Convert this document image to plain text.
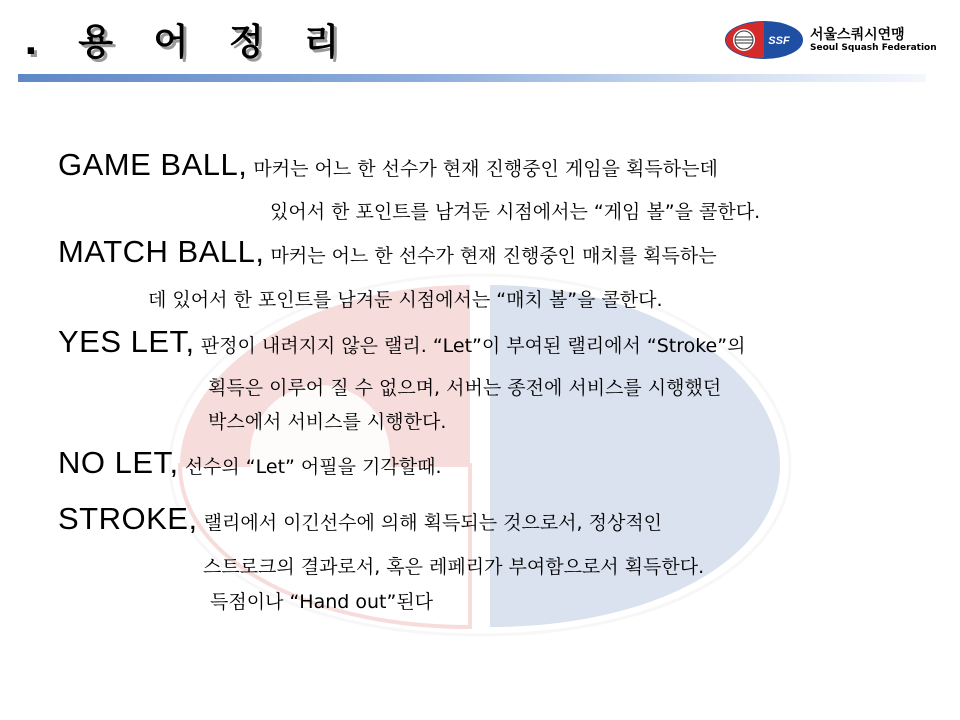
. 용 어 정 리	SSF 서울스쿼시연맹
Seoul Squash Federation
GAME BALL, 마커는 어느 한 선수가 현재 진행중인 게임을 획득하는데
있어서 한 포인트를 남겨둔 시점에서는 “게임 볼”을 콜한다.
MATCH BALL, 마커는 어느 한 선수가 현재 진행중인 매치를 획득하는
데 있어서 한 포인트를 남겨둔 시점에서는 “매치 볼”을 콜한다.
YES LET, 판정이 내려지지 않은 랠리. “Let”이 부여된 랠리에서 “Stroke”의
획득은 이루어 질 수 없으며, 서버는 종전에 서비스를 시행했던
박스에서 서비스를 시행한다.
NO LET, 선수의 “Let” 어필을 기각할때.
STROKE, 랠리에서 이긴선수에 의해 획득되는 것으로서, 정상적인
스트로크의 결과로서, 혹은 레페리가 부여함으로서 획득한다.
득점이나 “Hand out”된다
